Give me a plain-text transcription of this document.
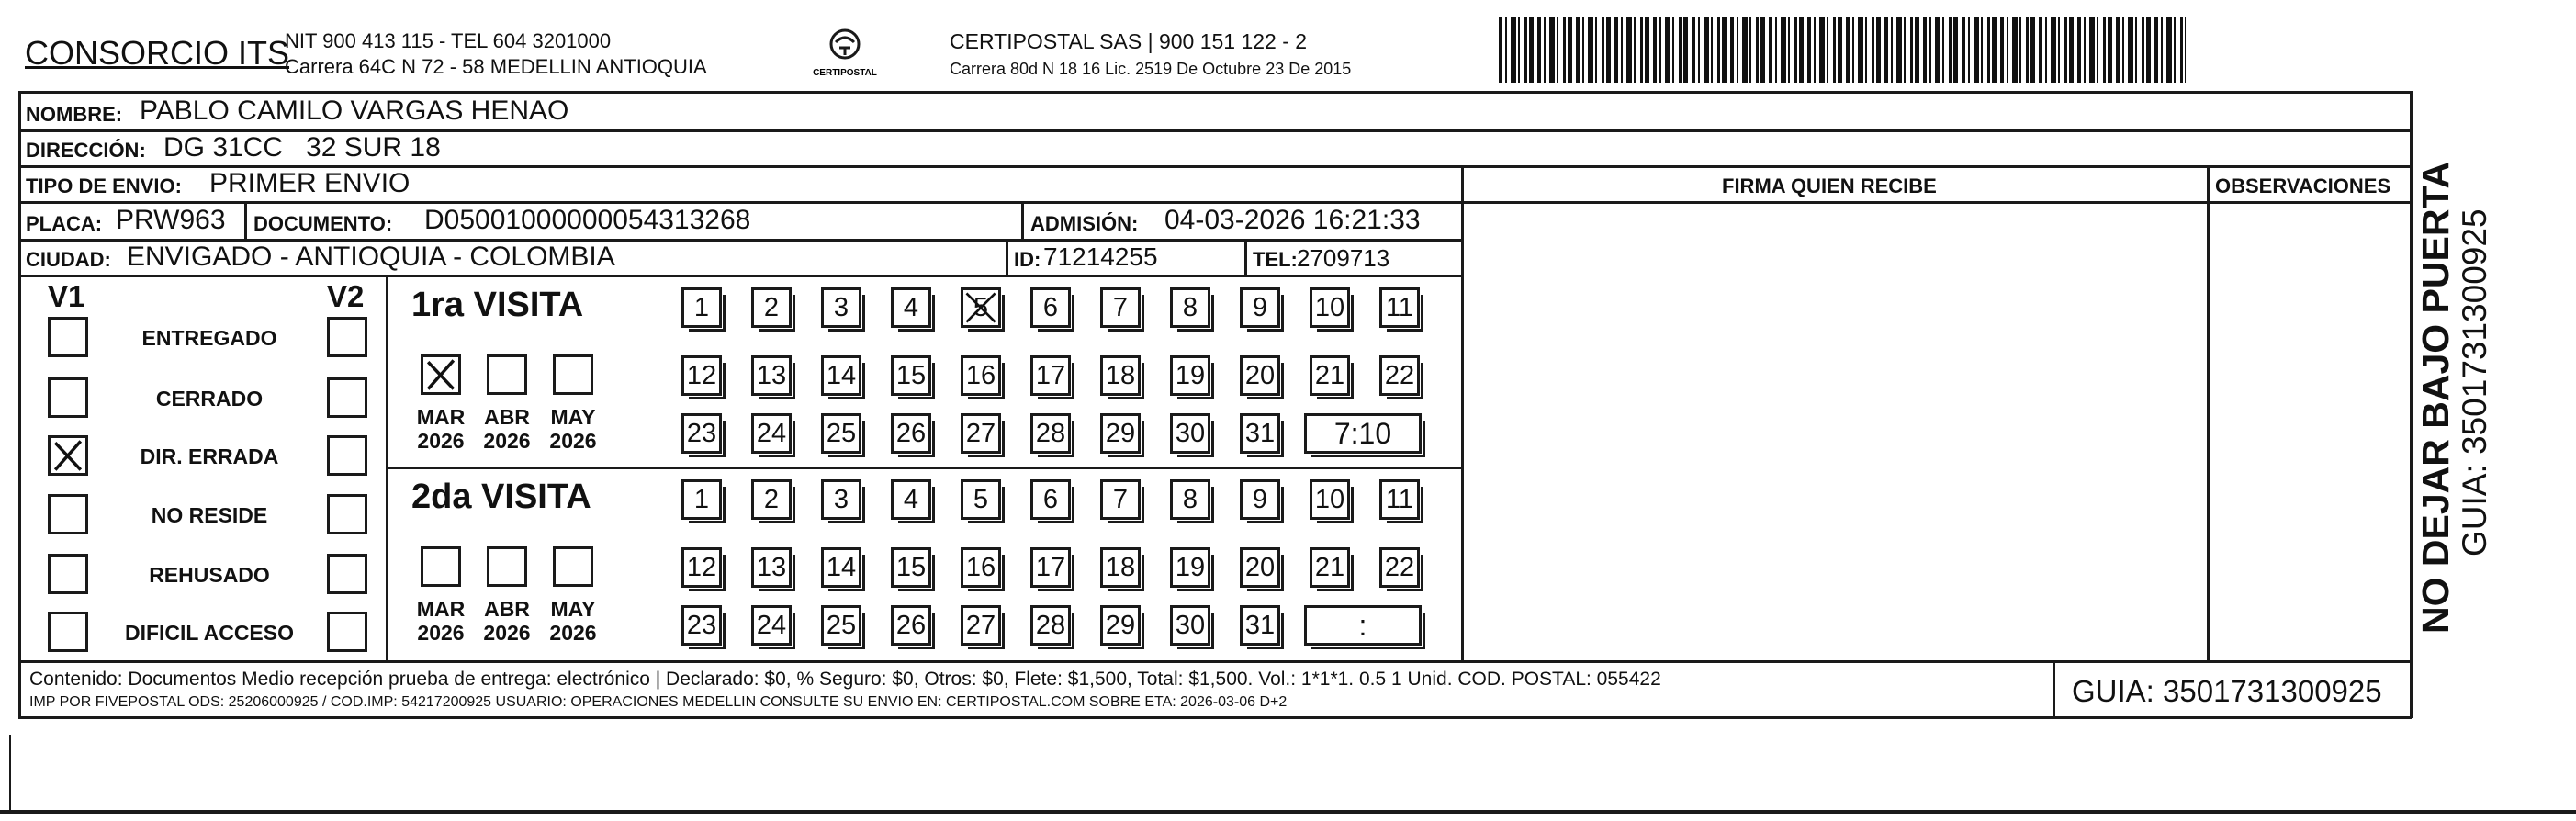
CONSORCIO ITS
NIT 900 413 115 - TEL 604 3201000
Carrera 64C N 72 - 58 MEDELLIN ANTIOQUIA	CERTIPOSTAL
CERTIPOSTAL SAS | 900 151 122 - 2
Carrera 80d N 18 16 Lic. 2519 De Octubre 23 De 2015
NOMBRE: PABLO CAMILO VARGAS HENAO
DIRECCIÓN: DG 31CC   32 SUR 18
TIPO DE ENVIO: PRIMER ENVIO
PLACA: PRW963 DOCUMENTO: D05001000000054313268	ADMISIÓN: 04-03-2026 16:21:33
CIUDAD: ENVIGADO - ANTIOQUIA - COLOMBIA	ID: 71214255	TEL: 2709713
FIRMA QUIEN RECIBE	OBSERVACIONES
V1	V2
ENTREGADO
CERRADO
DIR. ERRADA
NO RESIDE
REHUSADO
DIFICIL ACCESO
1ra VISITA
2da VISITA
MAR
2026
ABR
2026
MAY
2026
1	2	3	4	5	6	7	8	9	10 11
12 13 14 15 16 17 18 19 20 21 22
23 24 25 26 27 28 29 30 31	7:10
MAR
2026
ABR
2026
MAY
2026
1	2	3	4	5	6	7	8	9	10 11
12 13 14 15 16 17 18 19 20 21 22
23 24 25 26 27 28 29 30 31	:
Contenido: Documentos Medio recepción prueba de entrega: electrónico | Declarado: $0, % Seguro: $0, Otros: $0, Flete: $1,500, Total: $1,500. Vol.: 1*1*1. 0.5 1 Unid. COD. POSTAL: 055422
IMP POR FIVEPOSTAL ODS: 25206000925 / COD.IMP: 54217200925 USUARIO: OPERACIONES MEDELLIN CONSULTE SU ENVIO EN: CERTIPOSTAL.COM SOBRE ETA: 2026-03-06 D+2	GUIA: 3501731300925
NO DEJAR BAJO PUERTA GUIA: 3501731300925
